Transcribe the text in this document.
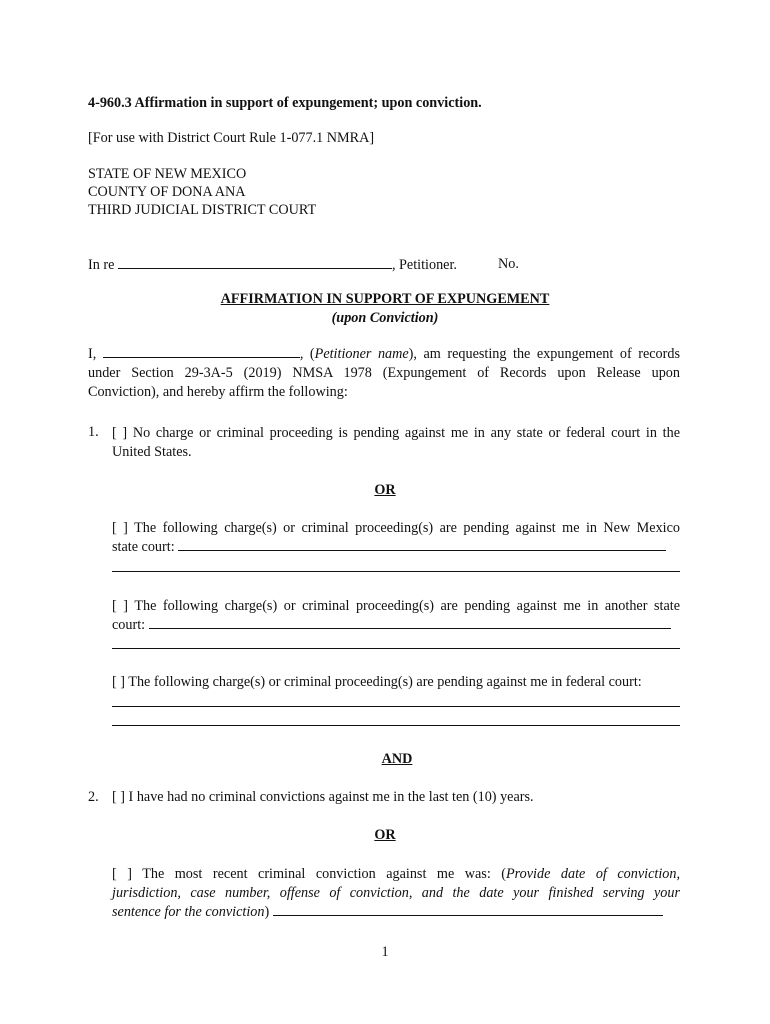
4-960.3 Affirmation in support of expungement; upon conviction.
[For use with District Court Rule 1-077.1 NMRA]
STATE OF NEW MEXICO
COUNTY OF DONA ANA
THIRD JUDICIAL DISTRICT COURT
In re	, Petitioner.	No.
AFFIRMATION IN SUPPORT OF EXPUNGEMENT
(upon Conviction)
I,	, (Petitioner name), am requesting the expungement of records
under Section 29-3A-5 (2019) NMSA 1978 (Expungement of Records upon Release upon
Conviction), and hereby affirm the following:
1. [ ] No charge or criminal proceeding is pending against me in any state or federal court in the
United States.
OR
[ ] The following charge(s) or criminal proceeding(s) are pending against me in New Mexico
state court:
[ ] The following charge(s) or criminal proceeding(s) are pending against me in another state
court:
[ ] The following charge(s) or criminal proceeding(s) are pending against me in federal court:
AND
2. [ ] I have had no criminal convictions against me in the last ten (10) years.
OR
[ ] The most recent criminal conviction against me was: (Provide date of conviction,
jurisdiction, case number, offense of conviction, and the date your finished serving your
sentence for the conviction)
1
